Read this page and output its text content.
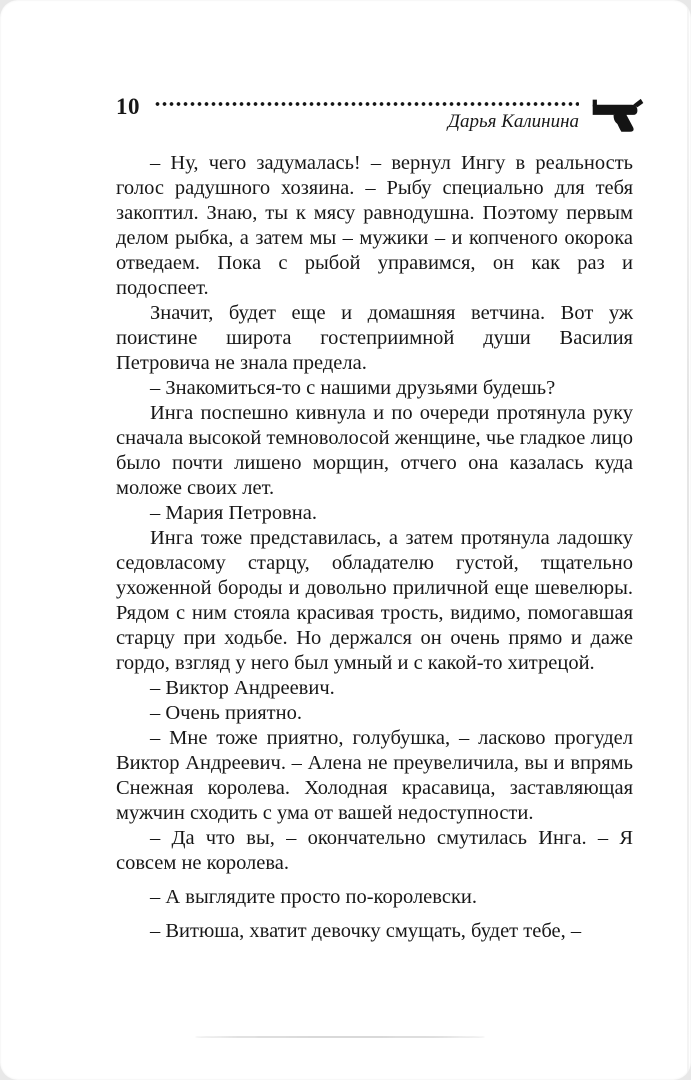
10
Дарья Калинина

– Ну, чего задумалась! – вернул Ингу в реальность голос радушного хозяина. – Рыбу специально для тебя закоптил. Знаю, ты к мясу равнодушна. Поэтому первым делом рыбка, а затем мы – мужики – и копченого окорока отведаем. Пока с рыбой управимся, он как раз и подоспеет.

Значит, будет еще и домашняя ветчина. Вот уж поистине широта гостеприимной души Василия Петровича не знала предела.

– Знакомиться-то с нашими друзьями будешь?

Инга поспешно кивнула и по очереди протянула руку сначала высокой темноволосой женщине, чье гладкое лицо было почти лишено морщин, отчего она казалась куда моложе своих лет.

– Мария Петровна.

Инга тоже представилась, а затем протянула ладошку седовласому старцу, обладателю густой, тщательно ухоженной бороды и довольно приличной еще шевелюры. Рядом с ним стояла красивая трость, видимо, помогавшая старцу при ходьбе. Но держался он очень прямо и даже гордо, взгляд у него был умный и с какой-то хитрецой.

– Виктор Андреевич.

– Очень приятно.

– Мне тоже приятно, голубушка, – ласково прогудел Виктор Андреевич. – Алена не преувеличила, вы и впрямь Снежная королева. Холодная красавица, заставляющая мужчин сходить с ума от вашей недоступности.

– Да что вы, – окончательно смутилась Инга. – Я совсем не королева.

– А выглядите просто по-королевски.

– Витюша, хватит девочку смущать, будет тебе, –
